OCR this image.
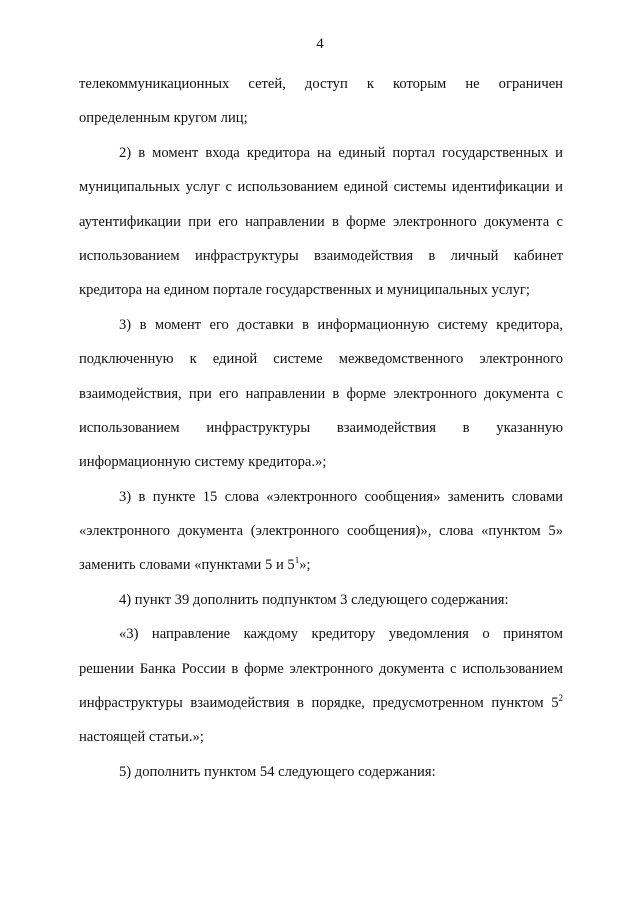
4
телекоммуникационных сетей, доступ к которым не ограничен
определенным кругом лиц;
2) в момент входа кредитора на единый портал государственных и
муниципальных услуг с использованием единой системы идентификации и
аутентификации при его направлении в форме электронного документа с
использованием инфраструктуры взаимодействия в личный кабинет
кредитора на едином портале государственных и муниципальных услуг;
3) в момент его доставки в информационную систему кредитора,
подключенную к единой системе межведомственного электронного
взаимодействия, при его направлении в форме электронного документа с
использованием инфраструктуры взаимодействия в указанную
информационную систему кредитора.»;
3) в пункте 15 слова «электронного сообщения» заменить словами
«электронного документа (электронного сообщения)», слова «пунктом 5»
заменить словами «пунктами 5 и $5^1$»;
4) пункт 39 дополнить подпунктом 3 следующего содержания:
«3) направление каждому кредитору уведомления о принятом
решении Банка России в форме электронного документа с использованием
инфраструктуры взаимодействия в порядке, предусмотренном пунктом $5^2$
настоящей статьи.»;
5) дополнить пунктом 54 следующего содержания:
